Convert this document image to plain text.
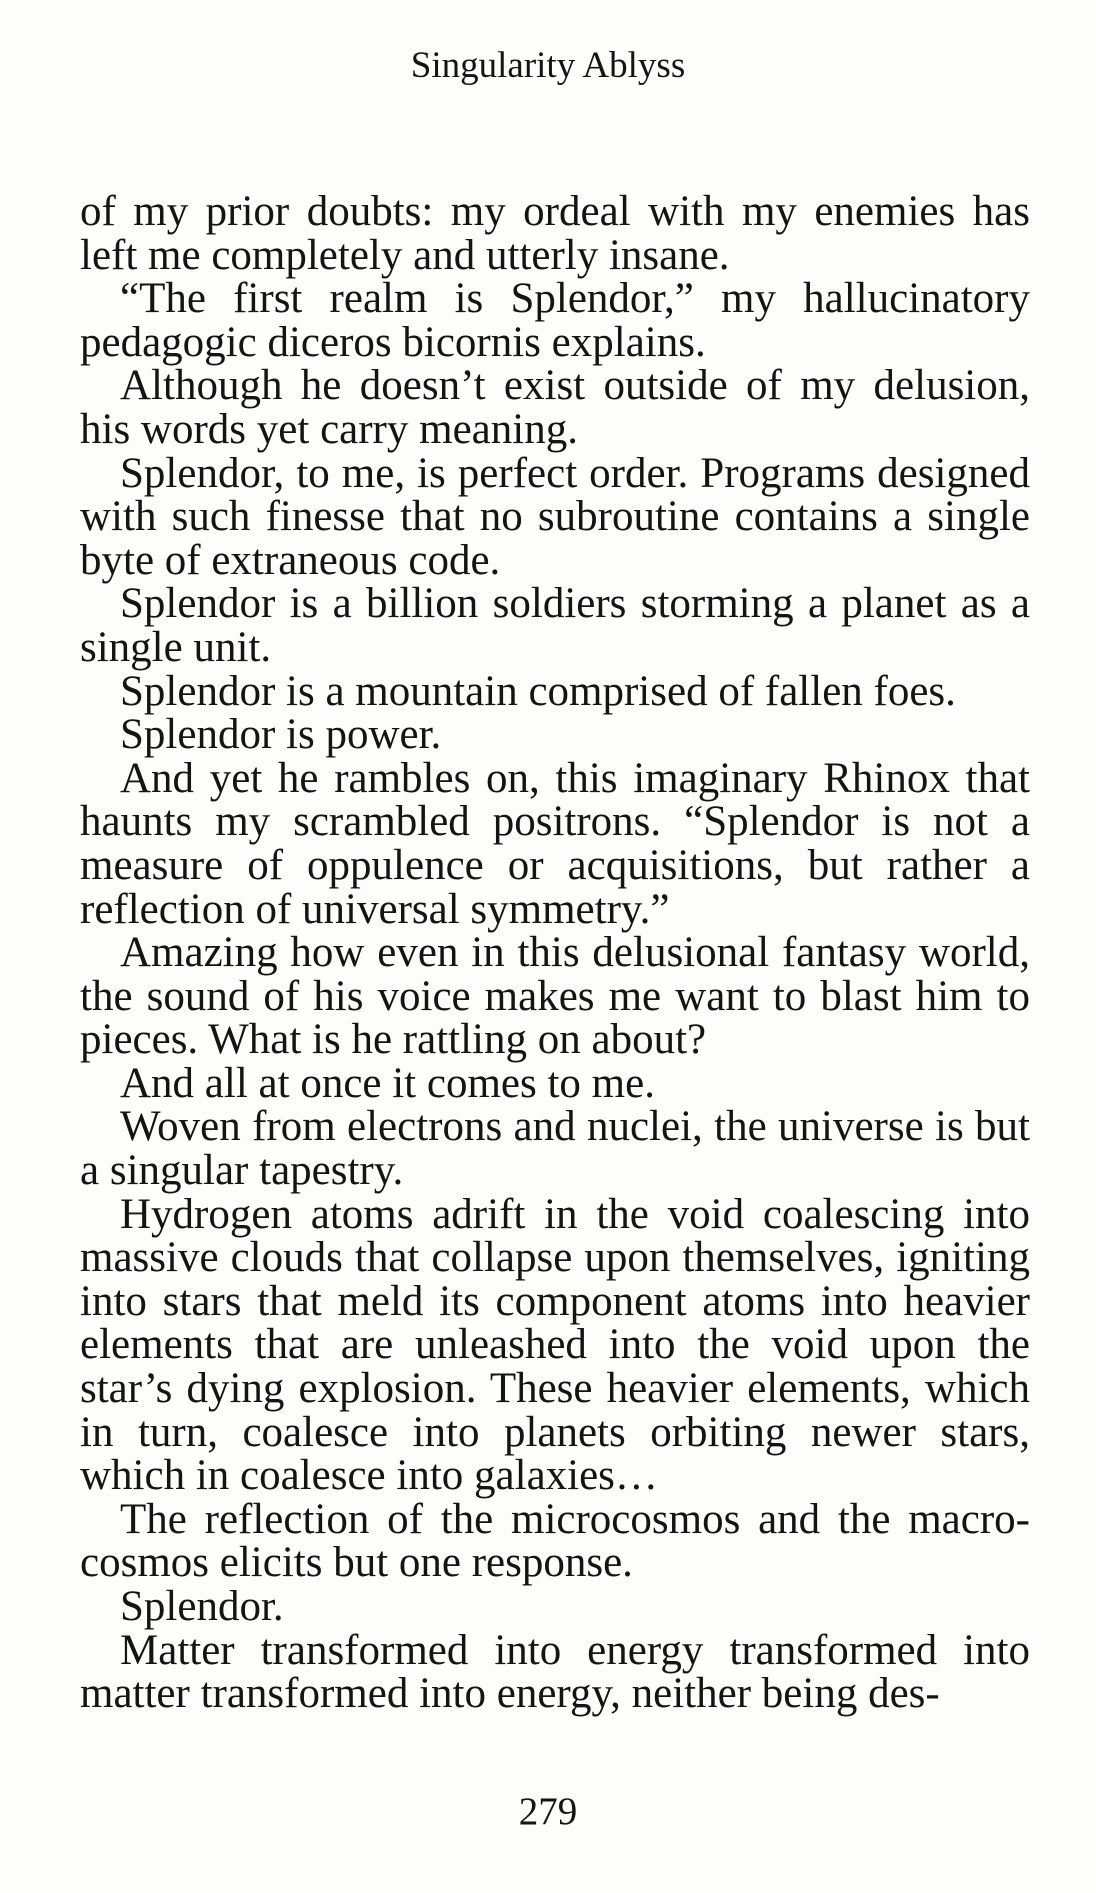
Singularity Ablyss

of my prior doubts: my ordeal with my enemies has left me completely and utterly insane.

“The first realm is Splendor,” my hallucinatory pedagogic diceros bicornis explains.

Although he doesn’t exist outside of my delusion, his words yet carry meaning.

Splendor, to me, is perfect order. Programs designed with such finesse that no subroutine contains a single byte of extraneous code.

Splendor is a billion soldiers storming a planet as a single unit.

Splendor is a mountain comprised of fallen foes.

Splendor is power.

And yet he rambles on, this imaginary Rhinox that haunts my scrambled positrons. “Splendor is not a measure of oppulence or acquisitions, but rather a reflection of universal symmetry.”

Amazing how even in this delusional fantasy world, the sound of his voice makes me want to blast him to pieces. What is he rattling on about?

And all at once it comes to me.

Woven from electrons and nuclei, the universe is but a singular tapestry.

Hydrogen atoms adrift in the void coalescing into massive clouds that collapse upon themselves, igniting into stars that meld its component atoms into heavier elements that are unleashed into the void upon the star’s dying explosion. These heavier elements, which in turn, coalesce into planets orbiting newer stars, which in coalesce into galaxies…

The reflection of the microcosmos and the macrocosmos elicits but one response.

Splendor.

Matter transformed into energy transformed into matter transformed into energy, neither being des-

279
